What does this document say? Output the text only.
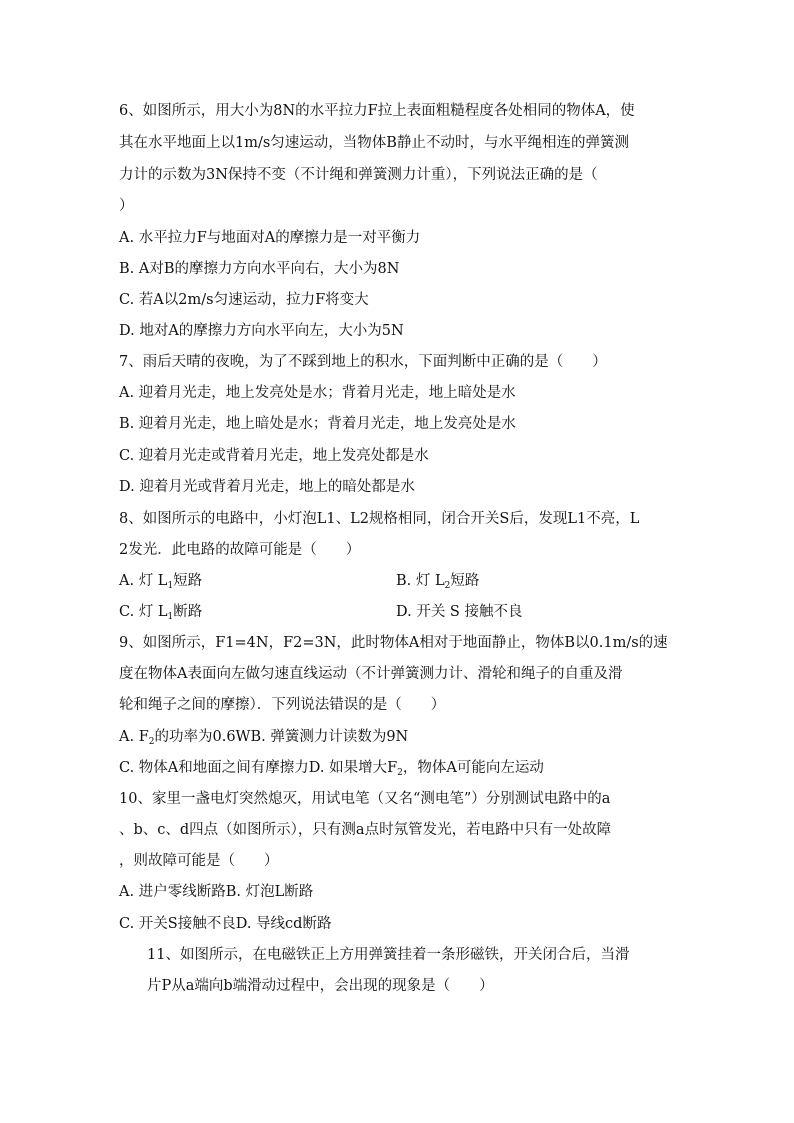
6、如图所示，用大小为8N的水平拉力F拉上表面粗糙程度各处相同的物体A，使
其在水平地面上以1m/s匀速运动，当物体B静止不动时，与水平绳相连的弹簧测
力计的示数为3N保持不变（不计绳和弹簧测力计重），下列说法正确的是（
）
A. 水平拉力F与地面对A的摩擦力是一对平衡力
B. A对B的摩擦力方向水平向右，大小为8N
C. 若A以2m/s匀速运动，拉力F将变大
D. 地对A的摩擦力方向水平向左，大小为5N
7、雨后天晴的夜晚，为了不踩到地上的积水，下面判断中正确的是（　　）
A. 迎着月光走，地上发亮处是水；背着月光走，地上暗处是水
B. 迎着月光走，地上暗处是水；背着月光走，地上发亮处是水
C. 迎着月光走或背着月光走，地上发亮处都是水
D. 迎着月光或背着月光走，地上的暗处都是水
8、如图所示的电路中，小灯泡L1、L2规格相同，闭合开关S后，发现L1不亮，L
2发光．此电路的故障可能是（　　）
A. 灯 $L_1$短路	B. 灯 $L_2$短路
C. 灯 $L_1$断路	D. 开关 S 接触不良
9、如图所示，F1=4N，F2=3N，此时物体A相对于地面静止，物体B以0.1m/s的速
度在物体A表面向左做匀速直线运动（不计弹簧测力计、滑轮和绳子的自重及滑
轮和绳子之间的摩擦）．下列说法错误的是（　　）
A. $F_2$的功率为0.6WB. 弹簧测力计读数为9N
C. 物体A和地面之间有摩擦力D. 如果增大$F_2$，物体A可能向左运动
10、家里一盏电灯突然熄灭，用试电笔（又名“测电笔”）分别测试电路中的a
、b、c、d四点（如图所示），只有测a点时氖管发光，若电路中只有一处故障
，则故障可能是（　　）
A. 进户零线断路B. 灯泡L断路
C. 开关S接触不良D. 导线cd断路
11、如图所示，在电磁铁正上方用弹簧挂着一条形磁铁，开关闭合后，当滑
片P从a端向b端滑动过程中，会出现的现象是（　　）
